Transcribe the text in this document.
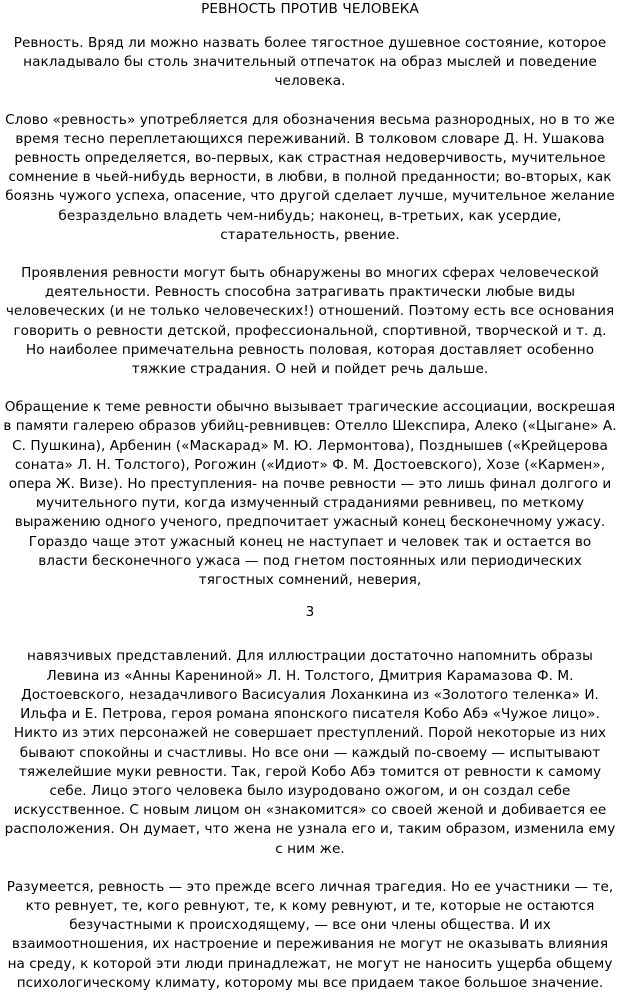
РЕВНОСТЬ ПРОТИВ ЧЕЛОВЕКА

Ревность. Вряд ли можно назвать более тягостное душевное состояние, которое накладывало бы столь значительный отпечаток на образ мыслей и поведение человека.

Слово «ревность» употребляется для обозначения весьма разнородных, но в то же время тесно переплетающихся переживаний. В толковом словаре Д. Н. Ушакова ревность определяется, во-первых, как страстная недоверчивость, мучительное сомнение в чьей-нибудь верности, в любви, в полной преданности; во-вторых, как боязнь чужого успеха, опасение, что другой сделает лучше, мучительное желание безраздельно владеть чем-нибудь; наконец, в-третьих, как усердие, старательность, рвение.

Проявления ревности могут быть обнаружены во многих сферах человеческой деятельности. Ревность способна затрагивать практически любые виды человеческих (и не только человеческих!) отношений. Поэтому есть все основания говорить о ревности детской, профессиональной, спортивной, творческой и т. д. Но наиболее примечательна ревность половая, которая доставляет особенно тяжкие страдания. О ней и пойдет речь дальше.

Обращение к теме ревности обычно вызывает трагические ассоциации, воскрешая в памяти галерею образов убийц-ревнивцев: Отелло Шекспира, Алеко («Цыгане» А. С. Пушкина), Арбенин («Маскарад» М. Ю. Лермонтова), Позднышев («Крейцерова соната» Л. Н. Толстого), Рогожин («Идиот» Ф. М. Достоевского), Хозе («Кармен», опера Ж. Визе). Но преступления- на почве ревности — это лишь финал долгого и мучительного пути, когда измученный страданиями ревнивец, по меткому выражению одного ученого, предпочитает ужасный конец бесконечному ужасу. Гораздо чаще этот ужасный конец не наступает и человек так и остается во власти бесконечного ужаса — под гнетом постоянных или периодических тягостных сомнений, неверия,

3

навязчивых представлений. Для иллюстрации достаточно напомнить образы Левина из «Анны Карениной» Л. Н. Толстого, Дмитрия Карамазова Ф. М. Достоевского, незадачливого Васисуалия Лоханкина из «Золотого теленка» И. Ильфа и Е. Петрова, героя романа японского писателя Кобо Абэ «Чужое лицо». Никто из этих персонажей не совершает преступлений. Порой некоторые из них бывают спокойны и счастливы. Но все они — каждый по-своему — испытывают тяжелейшие муки ревности. Так, герой Кобо Абэ томится от ревности к самому себе. Лицо этого человека было изуродовано ожогом, и он создал себе искусственное. С новым лицом он «знакомится» со своей женой и добивается ее расположения. Он думает, что жена не узнала его и, таким образом, изменила ему с ним же.

Разумеется, ревность — это прежде всего личная трагедия. Но ее участники — те, кто ревнует, те, кого ревнуют, те, к кому ревнуют, и те, которые не остаются безучастными к происходящему, — все они члены общества. И их взаимоотношения, их настроение и переживания не могут не оказывать влияния на среду, к которой эти люди принадлежат, не могут не наносить ущерба общему психологическому климату, которому мы все придаем такое большое значение.
